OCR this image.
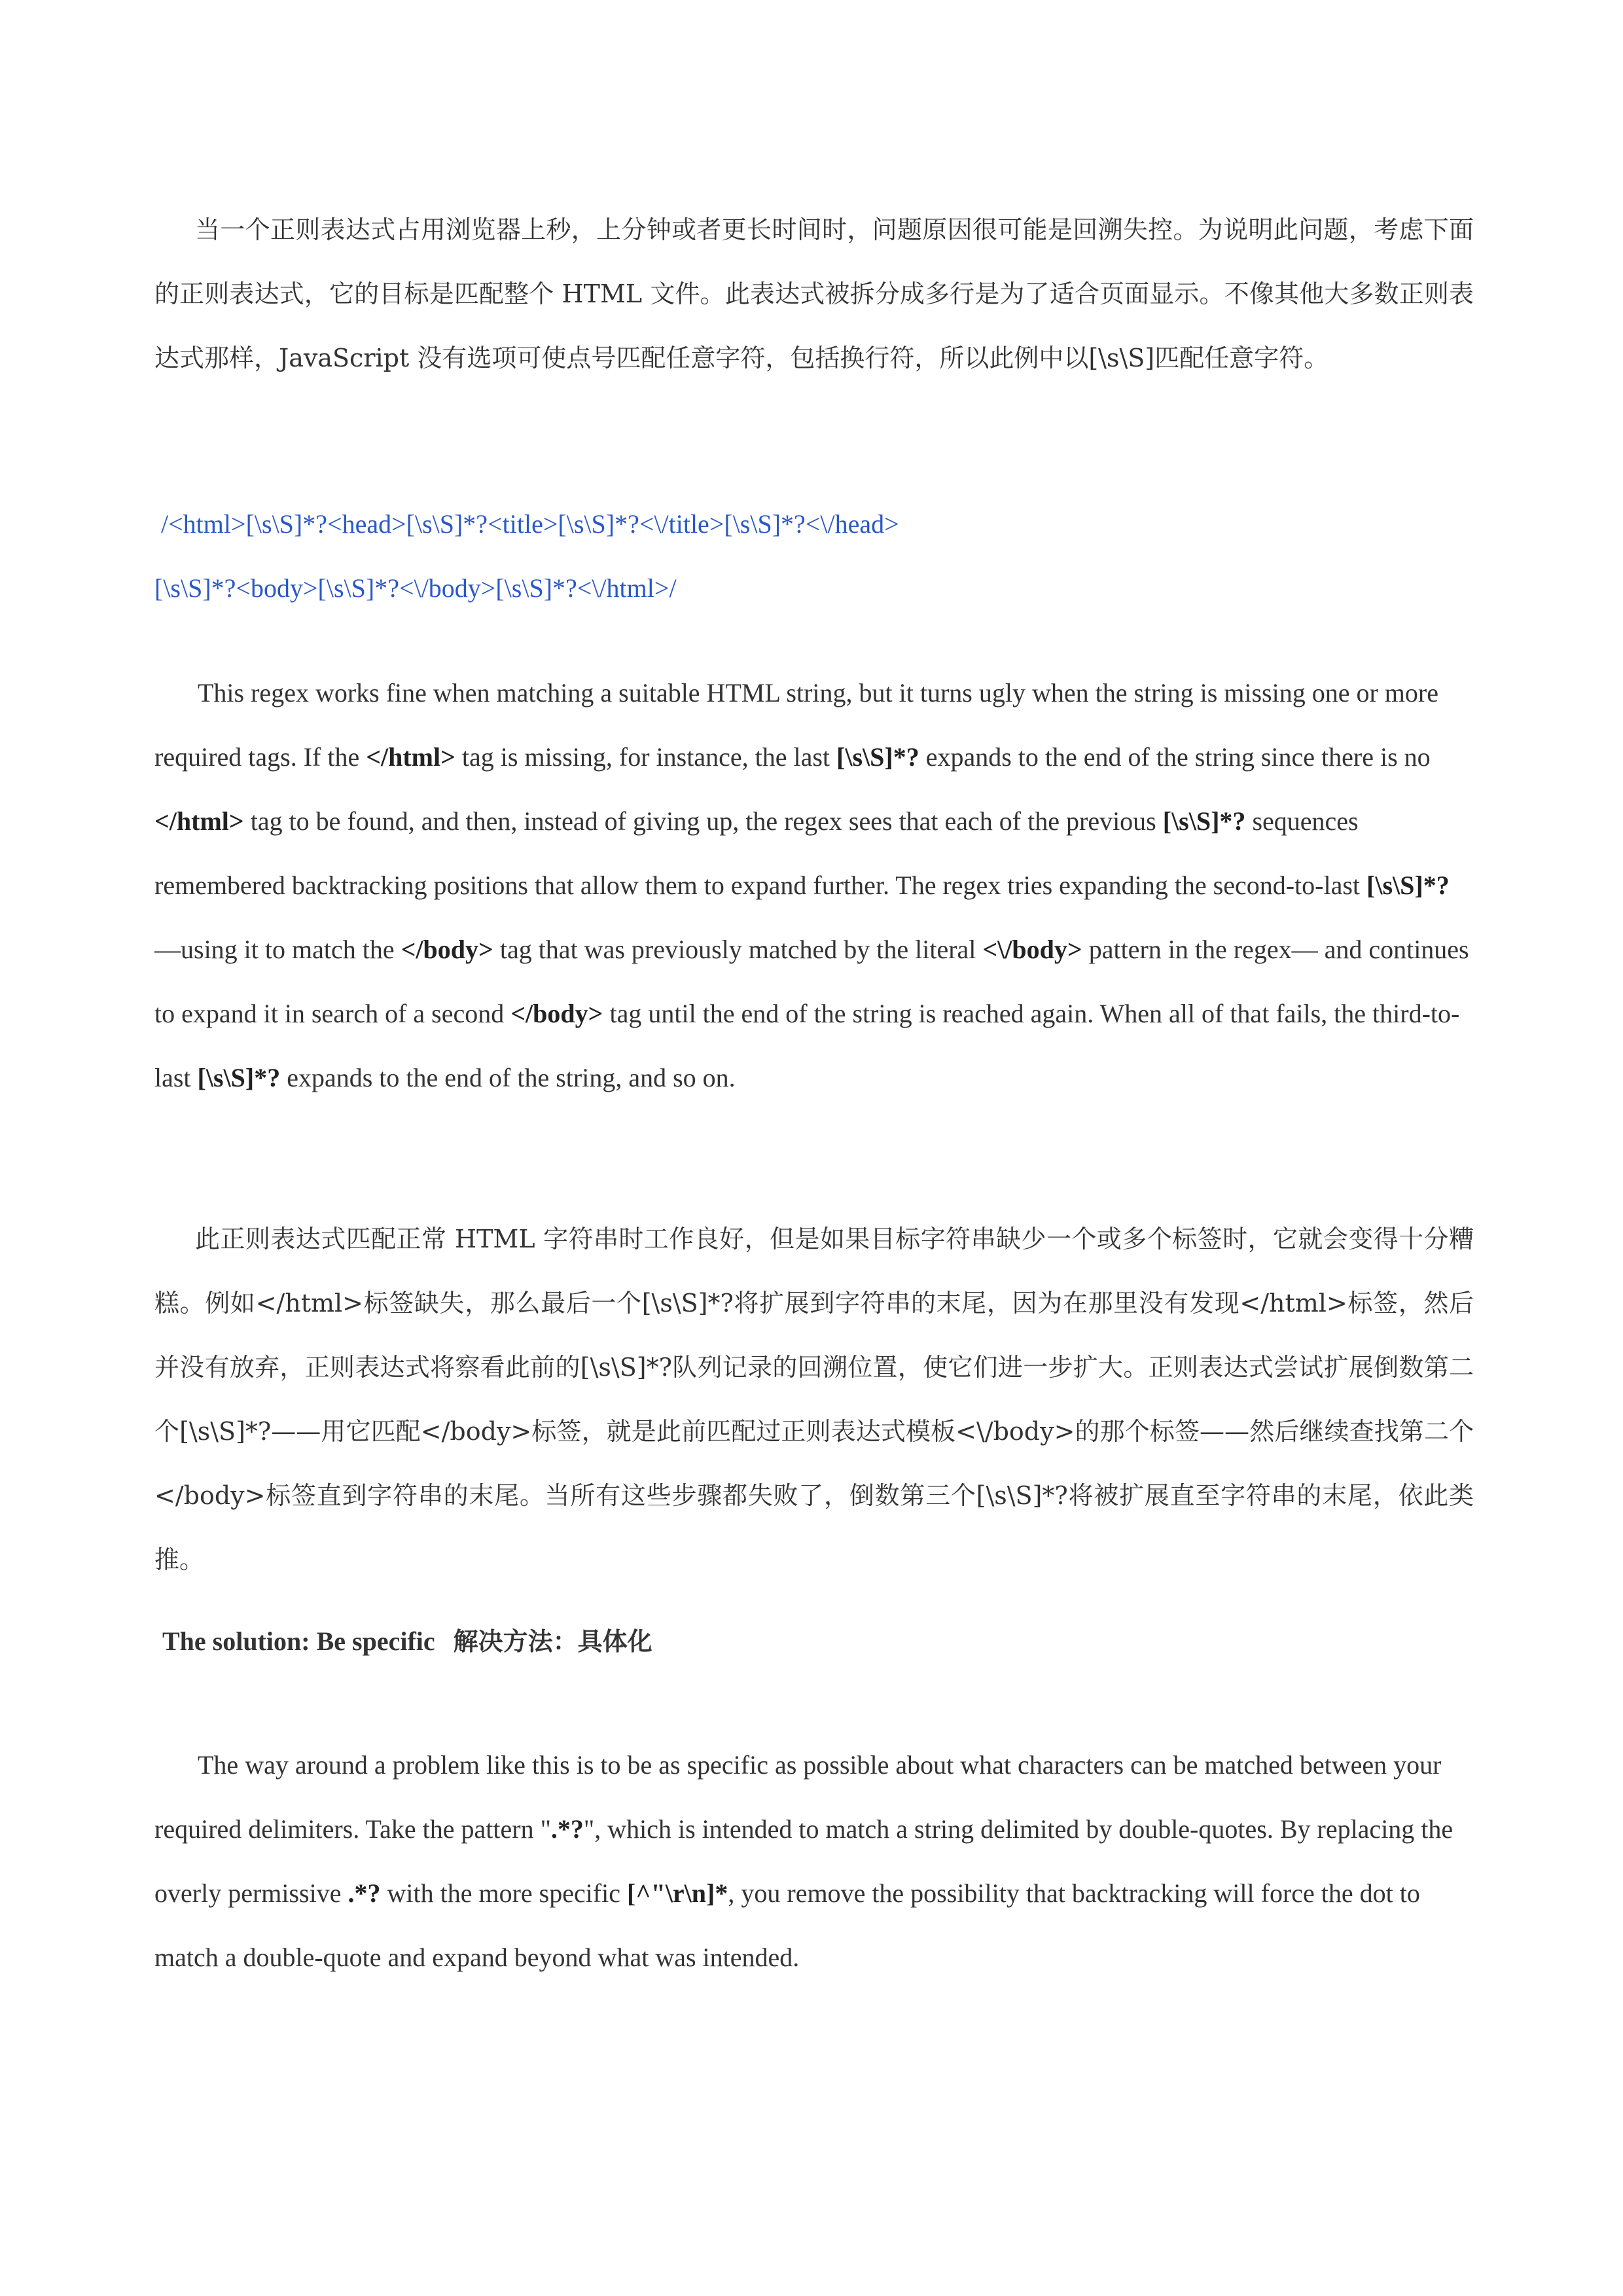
当一个正则表达式占用浏览器上秒，上分钟或者更长时间时，问题原因很可能是回溯失控。为说明此问题，考虑下面的正则表达式，它的目标是匹配整个 HTML 文件。此表达式被拆分成多行是为了适合页面显示。不像其他大多数正则表达式那样，JavaScript 没有选项可使点号匹配任意字符，包括换行符，所以此例中以[\s\S]匹配任意字符。

/<html>[\s\S]*?<head>[\s\S]*?<title>[\s\S]*?<\/title>[\s\S]*?<\/head>

[\s\S]*?<body>[\s\S]*?<\/body>[\s\S]*?<\/html>/

This regex works fine when matching a suitable HTML string, but it turns ugly when the string is missing one or more required tags. If the </html> tag is missing, for instance, the last [\s\S]*? expands to the end of the string since there is no </html> tag to be found, and then, instead of giving up, the regex sees that each of the previous [\s\S]*? sequences remembered backtracking positions that allow them to expand further. The regex tries expanding the second-to-last [\s\S]*?—using it to match the </body> tag that was previously matched by the literal <\/body> pattern in the regex— and continues to expand it in search of a second </body> tag until the end of the string is reached again. When all of that fails, the third-to-last [\s\S]*? expands to the end of the string, and so on.

此正则表达式匹配正常 HTML 字符串时工作良好，但是如果目标字符串缺少一个或多个标签时，它就会变得十分糟糕。例如</html>标签缺失，那么最后一个[\s\S]*?将扩展到字符串的末尾，因为在那里没有发现</html>标签，然后并没有放弃，正则表达式将察看此前的[\s\S]*?队列记录的回溯位置，使它们进一步扩大。正则表达式尝试扩展倒数第二个[\s\S]*?——用它匹配</body>标签，就是此前匹配过正则表达式模板<\/body>的那个标签——然后继续查找第二个</body>标签直到字符串的末尾。当所有这些步骤都失败了，倒数第三个[\s\S]*?将被扩展直至字符串的末尾，依此类推。

The solution: Be specific 解决方法：具体化

The way around a problem like this is to be as specific as possible about what characters can be matched between your required delimiters. Take the pattern ".*?", which is intended to match a string delimited by double-quotes. By replacing the overly permissive .*? with the more specific [^"\r\n]*, you remove the possibility that backtracking will force the dot to match a double-quote and expand beyond what was intended.
